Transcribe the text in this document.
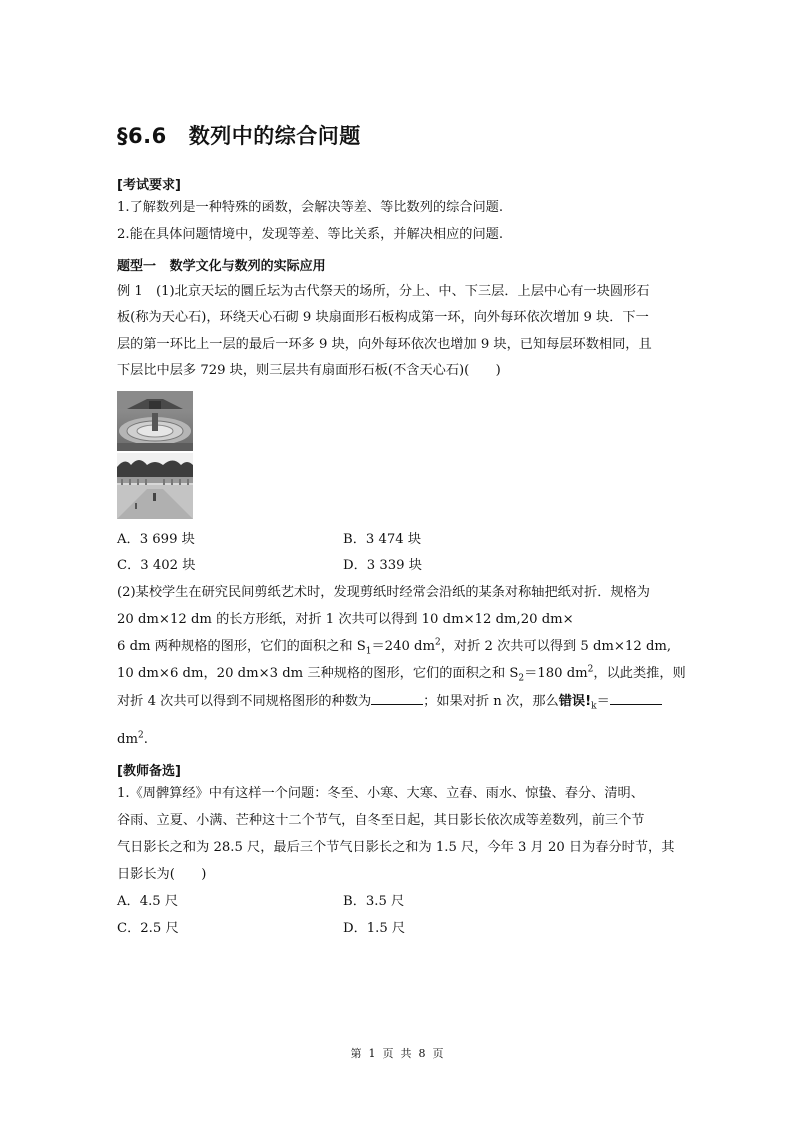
§6.6 数列中的综合问题
[考试要求]
1.了解数列是一种特殊的函数，会解决等差、等比数列的综合问题.
2.能在具体问题情境中，发现等差、等比关系，并解决相应的问题.
题型一 数学文化与数列的实际应用
例 1　(1)北京天坛的圜丘坛为古代祭天的场所，分上、中、下三层．上层中心有一块圆形石
板(称为天心石)，环绕天心石砌 9 块扇面形石板构成第一环，向外每环依次增加 9 块．下一
层的第一环比上一层的最后一环多 9 块，向外每环依次也增加 9 块，已知每层环数相同，且
下层比中层多 729 块，则三层共有扇面形石板(不含天心石)(　　)
A．3 699 块	B．3 474 块
C．3 402 块	D．3 339 块
(2)某校学生在研究民间剪纸艺术时，发现剪纸时经常会沿纸的某条对称轴把纸对折．规格为
20 dm×12 dm 的长方形纸，对折 1 次共可以得到 10 dm×12 dm,20 dm×
6 dm 两种规格的图形，它们的面积之和 $S_1=240$ $dm^2$，对折 2 次共可以得到 5 dm×12 dm,
10 dm×6 dm，20 dm×3 dm 三种规格的图形，它们的面积之和 $S_2=180$ $dm^2$，以此类推，则
对折 4 次共可以得到不同规格图形的种数为	；如果对折 n 次，那么错误$!_k=$
$dm^2$.
[教师备选]
1.《周髀算经》中有这样一个问题：冬至、小寒、大寒、立春、雨水、惊蛰、春分、清明、
谷雨、立夏、小满、芒种这十二个节气，自冬至日起，其日影长依次成等差数列，前三个节
气日影长之和为 28.5 尺，最后三个节气日影长之和为 1.5 尺，今年 3 月 20 日为春分时节，其
日影长为(　　)
A．4.5 尺	B．3.5 尺
C．2.5 尺	D．1.5 尺
第  1  页  共  8  页
